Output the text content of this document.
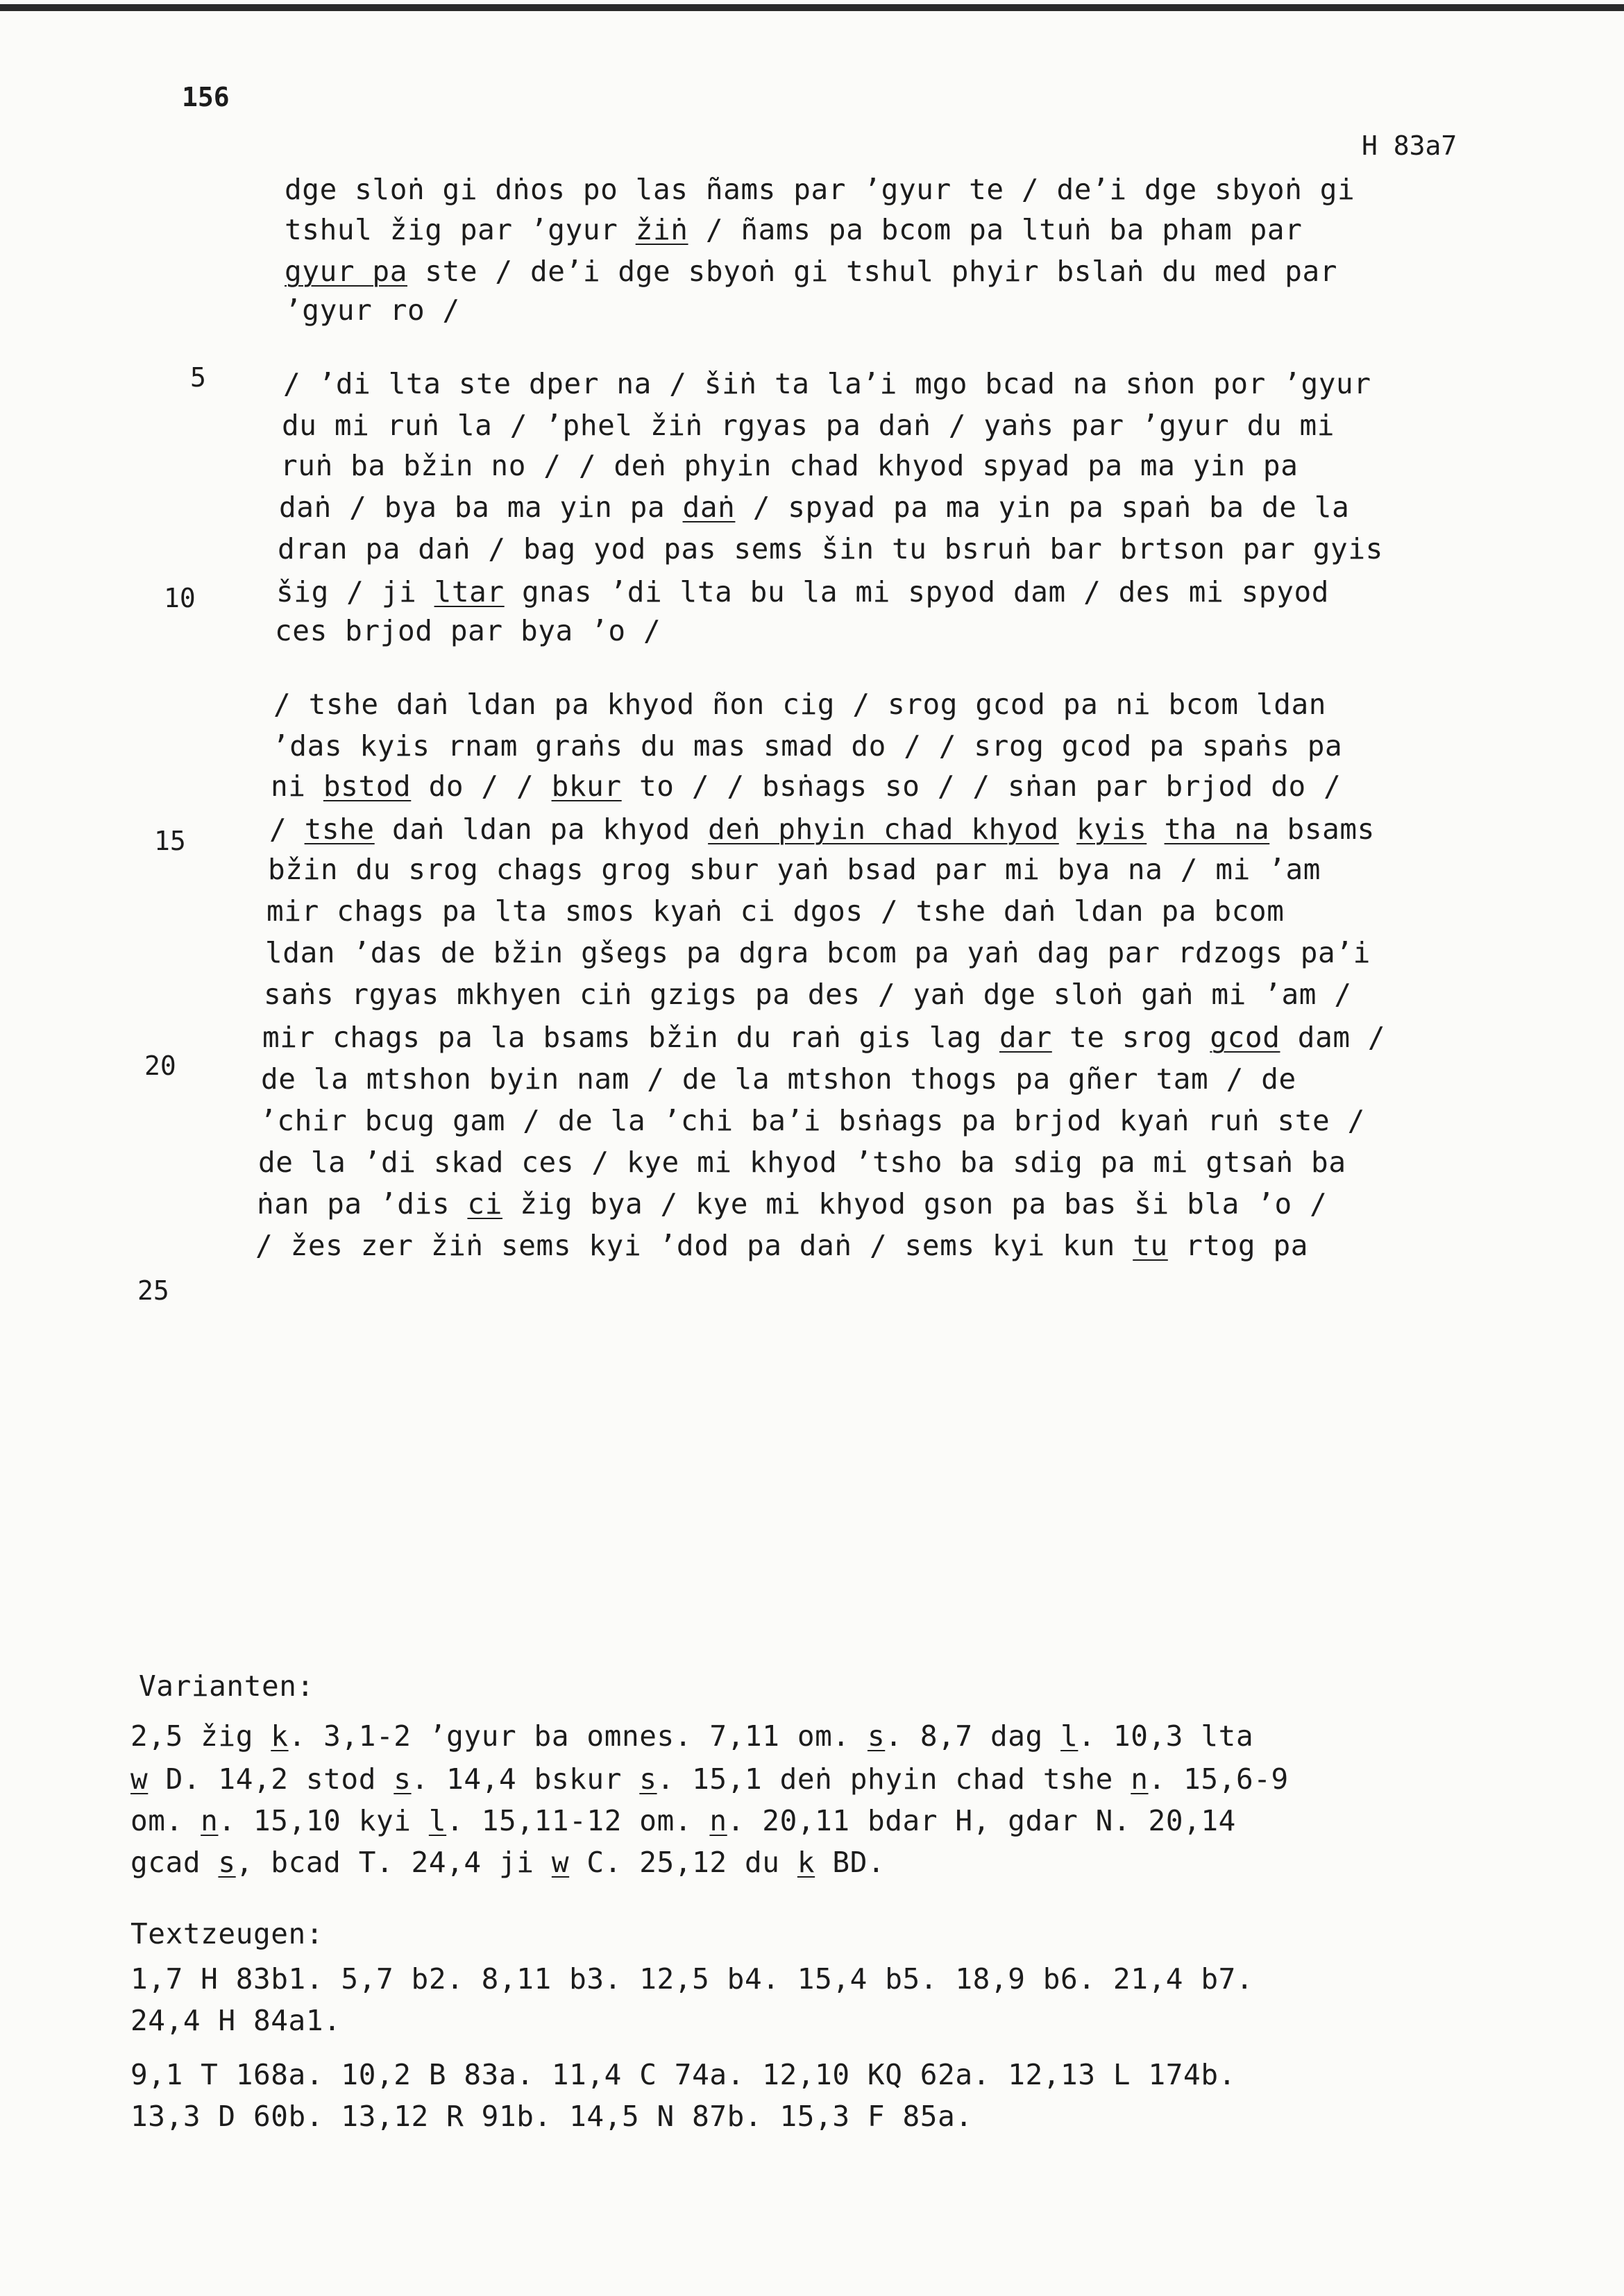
156
H 83a7
dge sloṅ gi dṅos po las ñams par ’gyur te / de’i dge sbyoṅ gi
tshul žig par ’gyur žiṅ / ñams pa bcom pa ltuṅ ba pham par
gyur pa ste / de’i dge sbyoṅ gi tshul phyir bslaṅ du med par
’gyur ro /
/ ’di lta ste dper na / šiṅ ta la’i mgo bcad na sṅon por ’gyur
du mi ruṅ la / ’phel žiṅ rgyas pa daṅ / yaṅs par ’gyur du mi
ruṅ ba bžin no / / deṅ phyin chad khyod spyad pa ma yin pa
daṅ / bya ba ma yin pa daṅ / spyad pa ma yin pa spaṅ ba de la
dran pa daṅ / bag yod pas sems šin tu bsruṅ bar brtson par gyis
šig / ji ltar gnas ’di lta bu la mi spyod dam / des mi spyod
ces brjod par bya ’o /
/ tshe daṅ ldan pa khyod ñon cig / srog gcod pa ni bcom ldan
’das kyis rnam graṅs du mas smad do / / srog gcod pa spaṅs pa
ni bstod do / / bkur to / / bsṅags so / / sṅan par brjod do /
/ tshe daṅ ldan pa khyod deṅ phyin chad khyod kyis tha na bsams
bžin du srog chags grog sbur yaṅ bsad par mi bya na / mi ’am
mir chags pa lta smos kyaṅ ci dgos / tshe daṅ ldan pa bcom
ldan ’das de bžin gšegs pa dgra bcom pa yaṅ dag par rdzogs pa’i
saṅs rgyas mkhyen ciṅ gzigs pa des / yaṅ dge sloṅ gaṅ mi ’am /
mir chags pa la bsams bžin du raṅ gis lag dar te srog gcod dam /
de la mtshon byin nam / de la mtshon thogs pa gñer tam / de
’chir bcug gam / de la ’chi ba’i bsṅags pa brjod kyaṅ ruṅ ste /
de la ’di skad ces / kye mi khyod ’tsho ba sdig pa mi gtsaṅ ba
ṅan pa ’dis ci žig bya / kye mi khyod gson pa bas ši bla ’o /
/ žes zer žiṅ sems kyi ’dod pa daṅ / sems kyi kun tu rtog pa
5
10
15
20
25
Varianten:
2,5 žig k. 3,1-2 ’gyur ba omnes. 7,11 om. s. 8,7 dag l. 10,3 lta
w D. 14,2 stod s. 14,4 bskur s. 15,1 deṅ phyin chad tshe n. 15,6-9
om. n. 15,10 kyi l. 15,11-12 om. n. 20,11 bdar H, gdar N. 20,14
gcad s, bcad T. 24,4 ji w C. 25,12 du k BD.
Textzeugen:
1,7 H 83b1. 5,7 b2. 8,11 b3. 12,5 b4. 15,4 b5. 18,9 b6. 21,4 b7.
24,4 H 84a1.
9,1 T 168a. 10,2 B 83a. 11,4 C 74a. 12,10 KQ 62a. 12,13 L 174b.
13,3 D 60b. 13,12 R 91b. 14,5 N 87b. 15,3 F 85a.
